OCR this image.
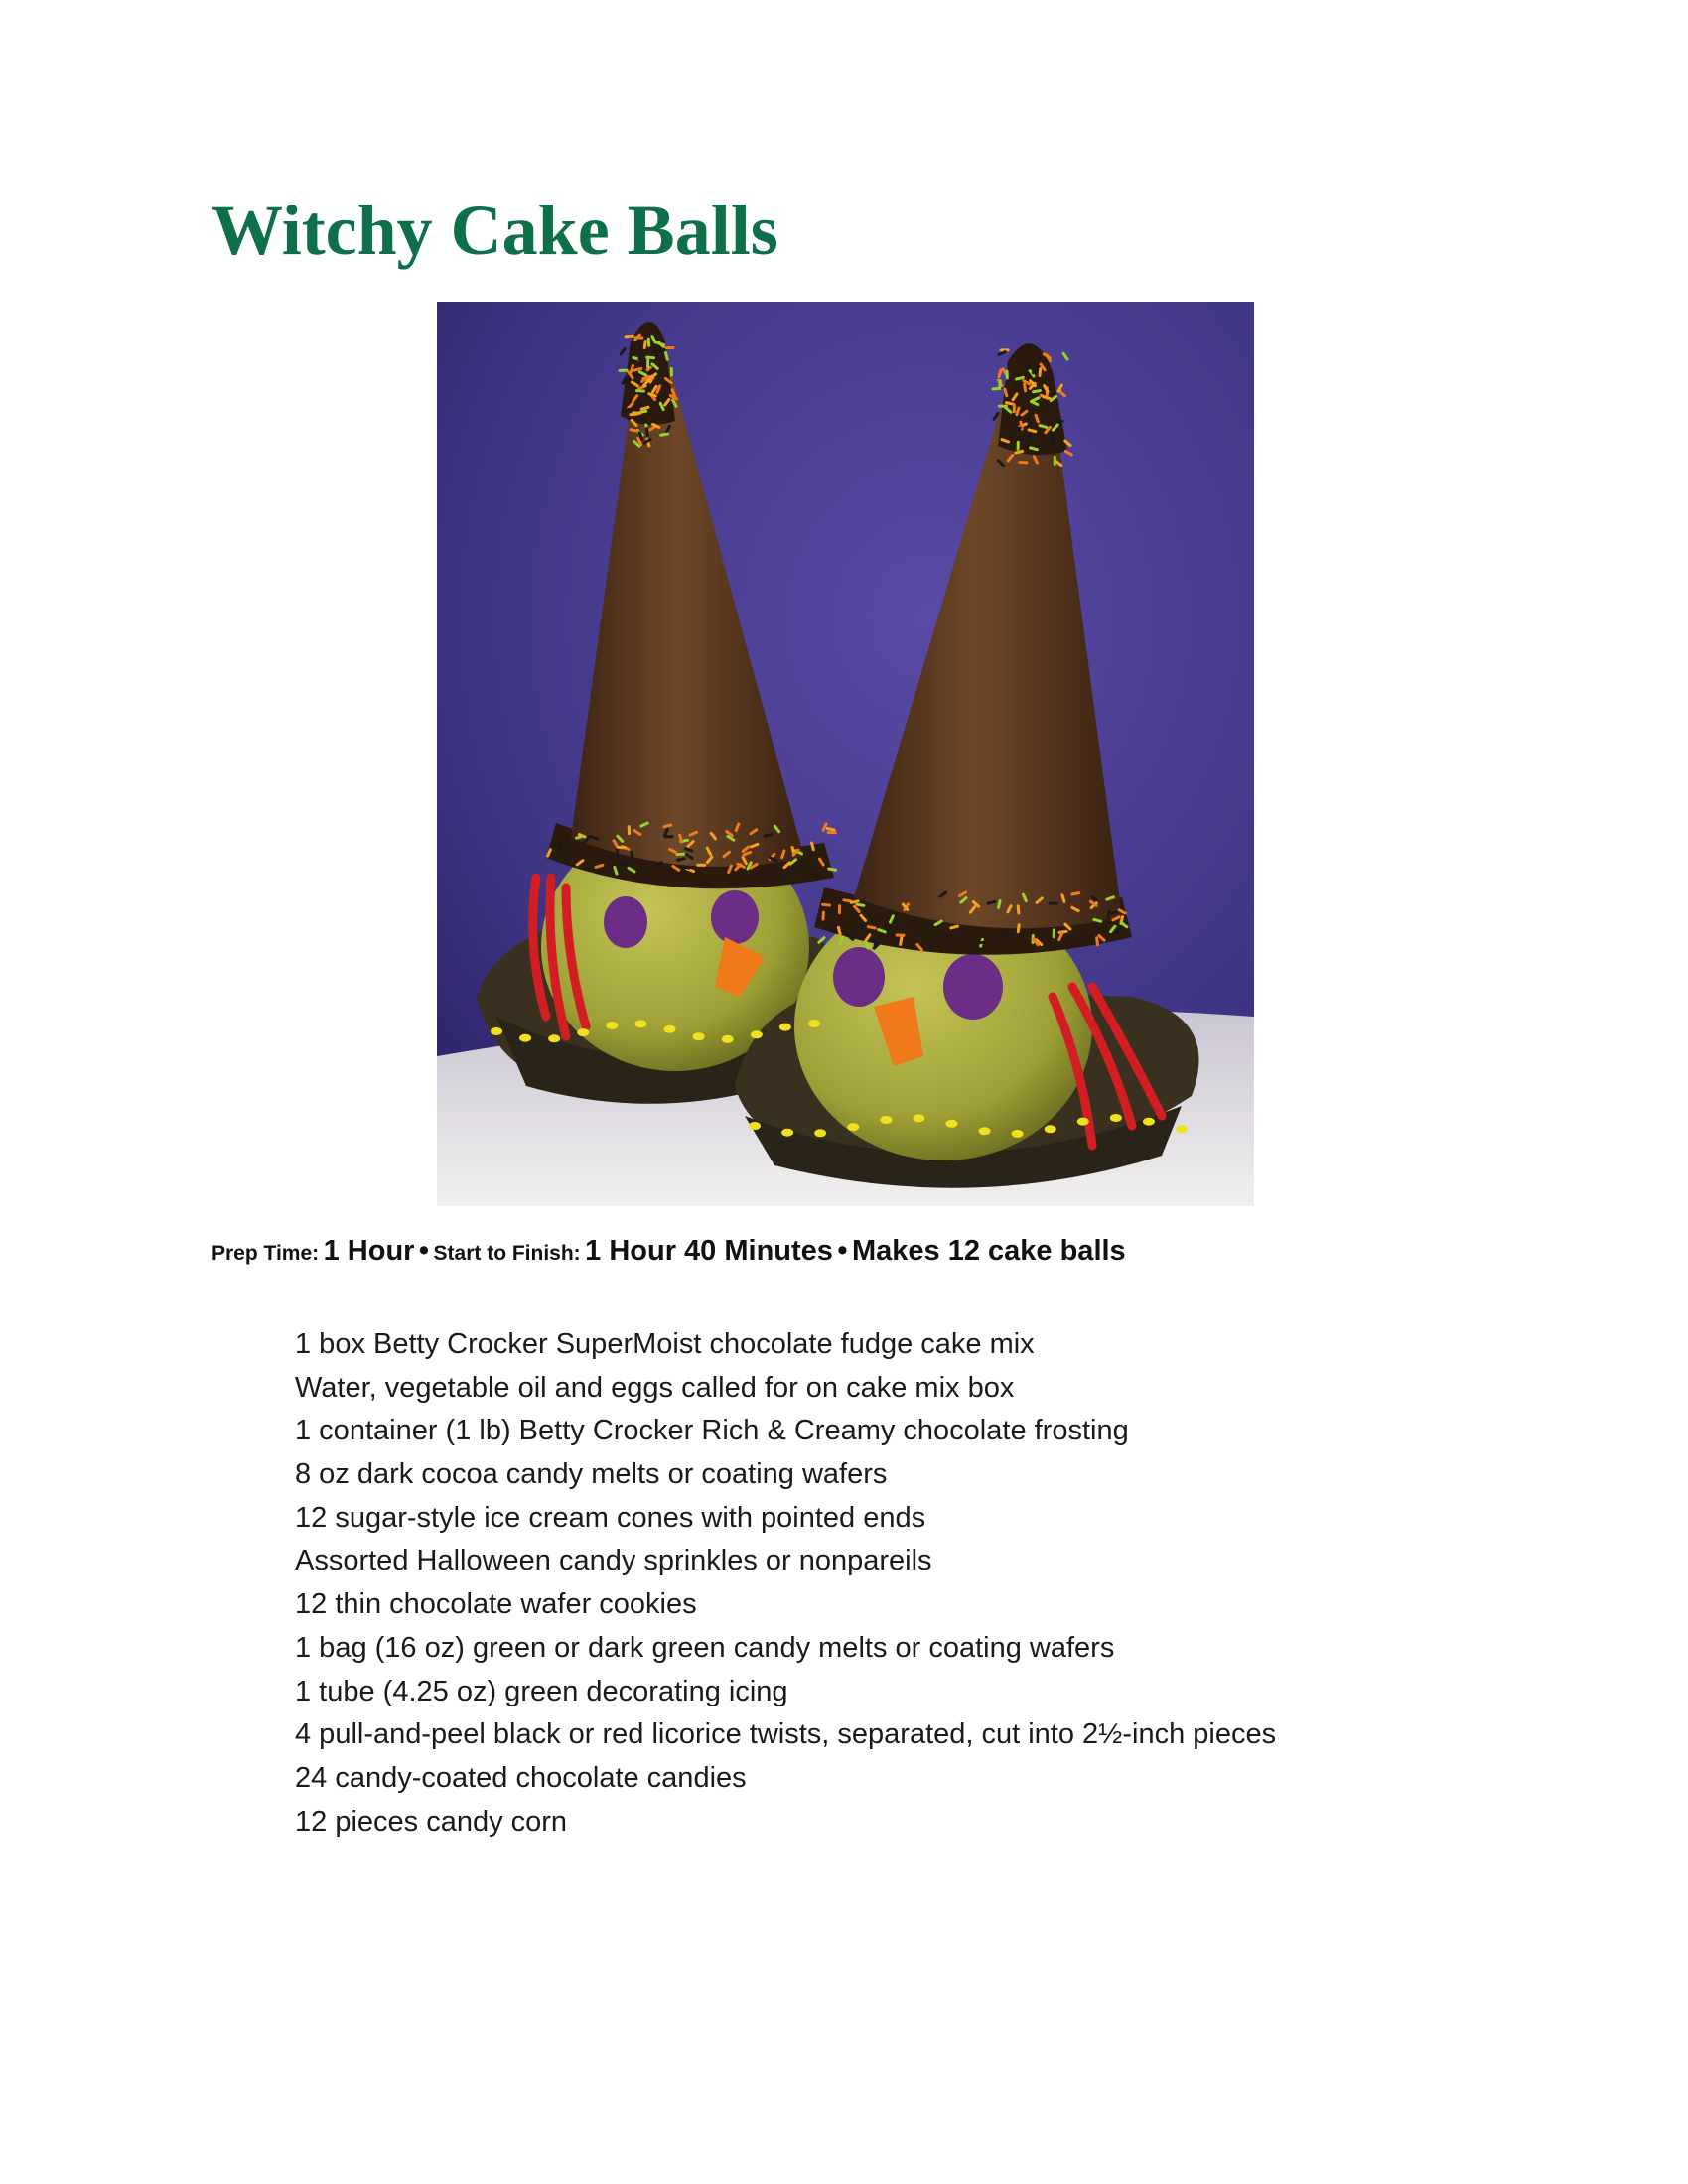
Witchy Cake Balls
Prep Time: 1 Hour • Start to Finish: 1 Hour 40 Minutes • Makes 12 cake balls
1 box Betty Crocker SuperMoist chocolate fudge cake mix
Water, vegetable oil and eggs called for on cake mix box
1 container (1 lb) Betty Crocker Rich & Creamy chocolate frosting
8 oz dark cocoa candy melts or coating wafers
12 sugar-style ice cream cones with pointed ends
Assorted Halloween candy sprinkles or nonpareils
12 thin chocolate wafer cookies
1 bag (16 oz) green or dark green candy melts or coating wafers
1 tube (4.25 oz) green decorating icing
4 pull-and-peel black or red licorice twists, separated, cut into 2½-inch pieces
24 candy-coated chocolate candies
12 pieces candy corn
